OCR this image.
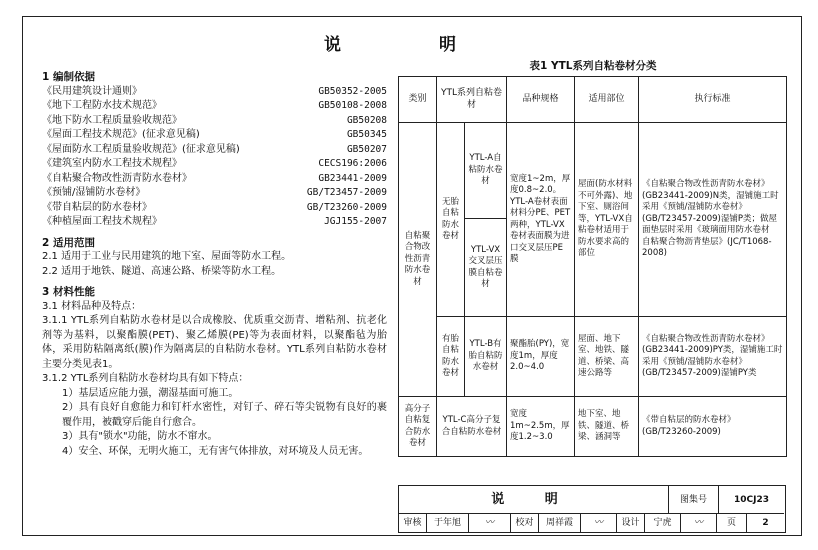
说 明
1 编制依据
《民用建筑设计通则》	GB50352-2005
《地下工程防水技术规范》	GB50108-2008
《地下防水工程质量验收规范》	GB50208
《屋面工程技术规范》(征求意见稿)	GB50345
《屋面防水工程质量验收规范》(征求意见稿)	GB50207
《建筑室内防水工程技术规程》	CECS196:2006
《自粘聚合物改性沥青防水卷材》	GB23441-2009
《预铺/湿铺防水卷材》	GB/T23457-2009
《带自粘层的防水卷材》	GB/T23260-2009
《种植屋面工程技术规程》	JGJ155-2007
2 适用范围
2.1 适用于工业与民用建筑的地下室、屋面等防水工程。
2.2 适用于地铁、隧道、高速公路、桥梁等防水工程。
3 材料性能
3.1 材料品种及特点：
3.1.1 YTL系列自粘防水卷材是以合成橡胶、优质重交沥青、增粘剂、抗老化剂等为基料，以聚酯膜(PET)、聚乙烯膜(PE)等为表面材料，以聚酯毡为胎体，采用防粘隔离纸(膜)作为隔离层的自粘防水卷材。YTL系列自粘防水卷材主要分类见表1。
3.1.2 YTL系列自粘防水卷材均具有如下特点：
1）基层适应能力强，潮湿基面可施工。
2）具有良好自愈能力和钉杆水密性，对钉子、碎石等尖锐物有良好的裹覆作用，被戳穿后能自行愈合。
3）具有"锁水"功能，防水不窜水。
4）安全、环保，无明火施工，无有害气体排放，对环境及人员无害。
表1 YTL系列自粘卷材分类
类别	YTL系列自粘卷材		品种规格	适用部位	执行标准
自粘聚合物改性沥青防水卷材	无胎自粘防水卷材	YTL-A自粘防水卷材	宽度1~2m，厚度0.8~2.0。YTL-A卷材表面材料分PE、PET两种，YTL-VX卷材表面膜为进口交叉层压PE膜	屋面(防水材料不可外露)、地下室、厕浴间等，YTL-VX自粘卷材适用于防水要求高的部位	《自粘聚合物改性沥青防水卷材》(GB23441-2009)N类，湿铺施工时采用《预铺/湿铺防水卷材》(GB/T23457-2009)湿铺P类；做屋面垫层时采用《玻璃面用防水卷材　自粘聚合物沥青垫层》(JC/T1068-2008)
		YTL-VX交叉层压膜自粘卷材			
	有胎自粘防水卷材	YTL-B有胎自粘防水卷材	聚酯胎(PY)，宽度1m，厚度2.0~4.0	屋面、地下室、地铁、隧道、桥梁、高速公路等	《自粘聚合物改性沥青防水卷材》(GB23441-2009)PY类，湿铺施工时采用《预铺/湿铺防水卷材》(GB/T23457-2009)湿铺PY类
高分子自粘复合防水卷材	YTL-C高分子复合自粘防水卷材		宽度1m~2.5m，厚度1.2~3.0	地下室、地铁、隧道、桥梁、涵洞等	《带自粘层的防水卷材》(GB/T23260-2009)
说 明	图集号	10CJ23
审核	于年旭	〰	校对	周祥霞	〰	设计	宁虎	〰	页	2
